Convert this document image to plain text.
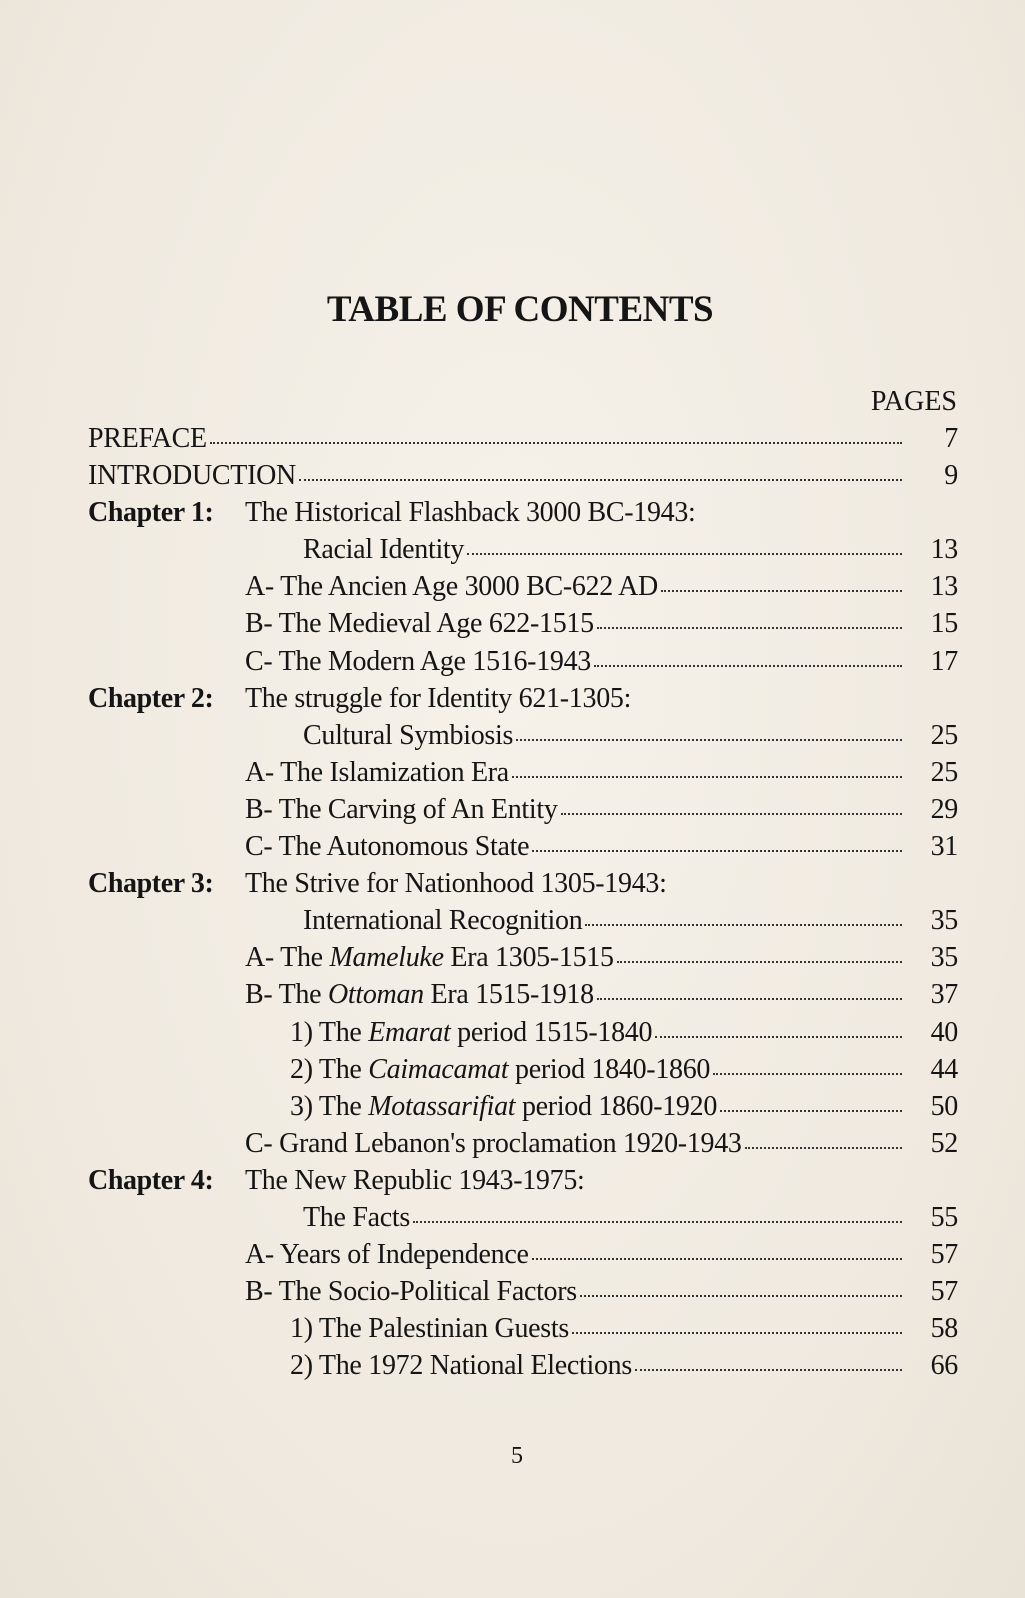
TABLE OF CONTENTS
PAGES
PREFACE	7
INTRODUCTION	9
Chapter 1: The Historical Flashback 3000 BC-1943:
Racial Identity	13
A- The Ancien Age 3000 BC-622 AD	13
B- The Medieval Age 622-1515	15
C- The Modern Age 1516-1943	17
Chapter 2: The struggle for Identity 621-1305:
Cultural Symbiosis	25
A- The Islamization Era	25
B- The Carving of An Entity	29
C- The Autonomous State	31
Chapter 3: The Strive for Nationhood 1305-1943:
International Recognition	35
A- The Mameluke Era 1305-1515	35
B- The Ottoman Era 1515-1918	37
1) The Emarat period 1515-1840	40
2) The Caimacamat period 1840-1860	44
3) The Motassarifiat period 1860-1920	50
C- Grand Lebanon's proclamation 1920-1943	52
Chapter 4: The New Republic 1943-1975:
The Facts	55
A- Years of Independence	57
B- The Socio-Political Factors	57
1) The Palestinian Guests	58
2) The 1972 National Elections	66
5
